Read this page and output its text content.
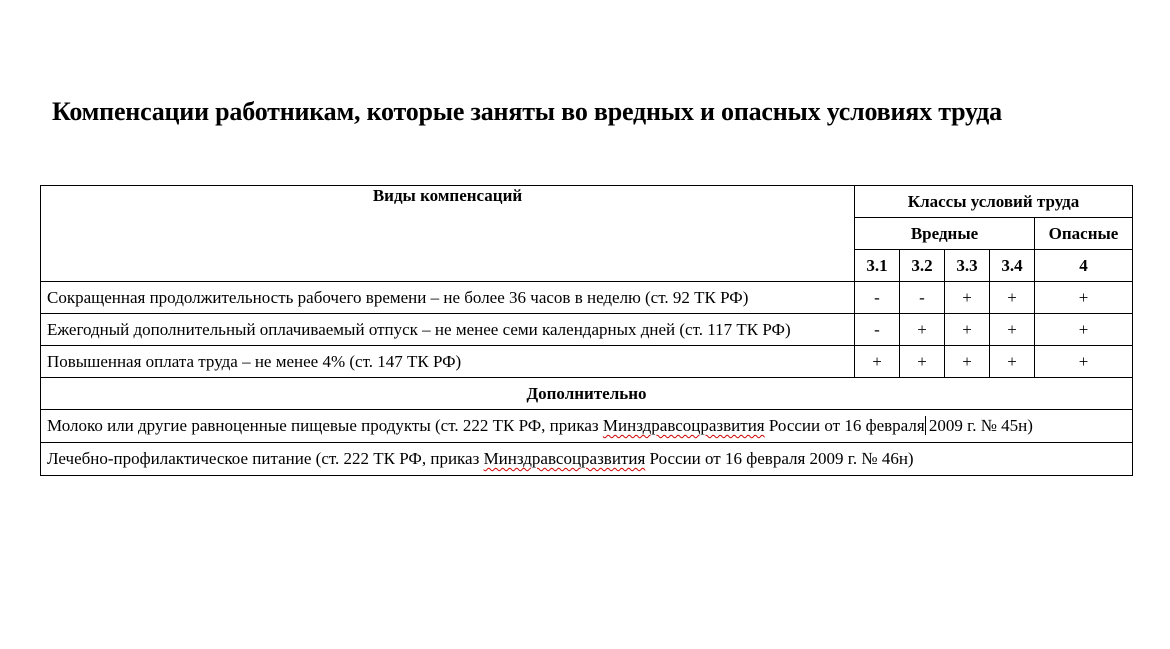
Компенсации работникам, которые заняты во вредных и опасных условиях труда
Виды компенсаций	Классы условий труда				
	Вредные				Опасные
	3.1	3.2	3.3	3.4	4
Сокращенная продолжительность рабочего времени – не более 36 часов в неделю (ст. 92 ТК РФ)	-	-	+	+	+
Ежегодный дополнительный оплачиваемый отпуск – не менее семи календарных дней (ст. 117 ТК РФ)	-	+	+	+	+
Повышенная оплата труда – не менее 4% (ст. 147 ТК РФ)	+	+	+	+	+
Дополнительно					
Молоко или другие равноценные пищевые продукты (ст. 222 ТК РФ, приказ Минздравсоцразвития России от 16 февраля 2009 г. № 45н)					
Лечебно-профилактическое питание (ст. 222 ТК РФ, приказ Минздравсоцразвития России от 16 февраля 2009 г. № 46н)					
